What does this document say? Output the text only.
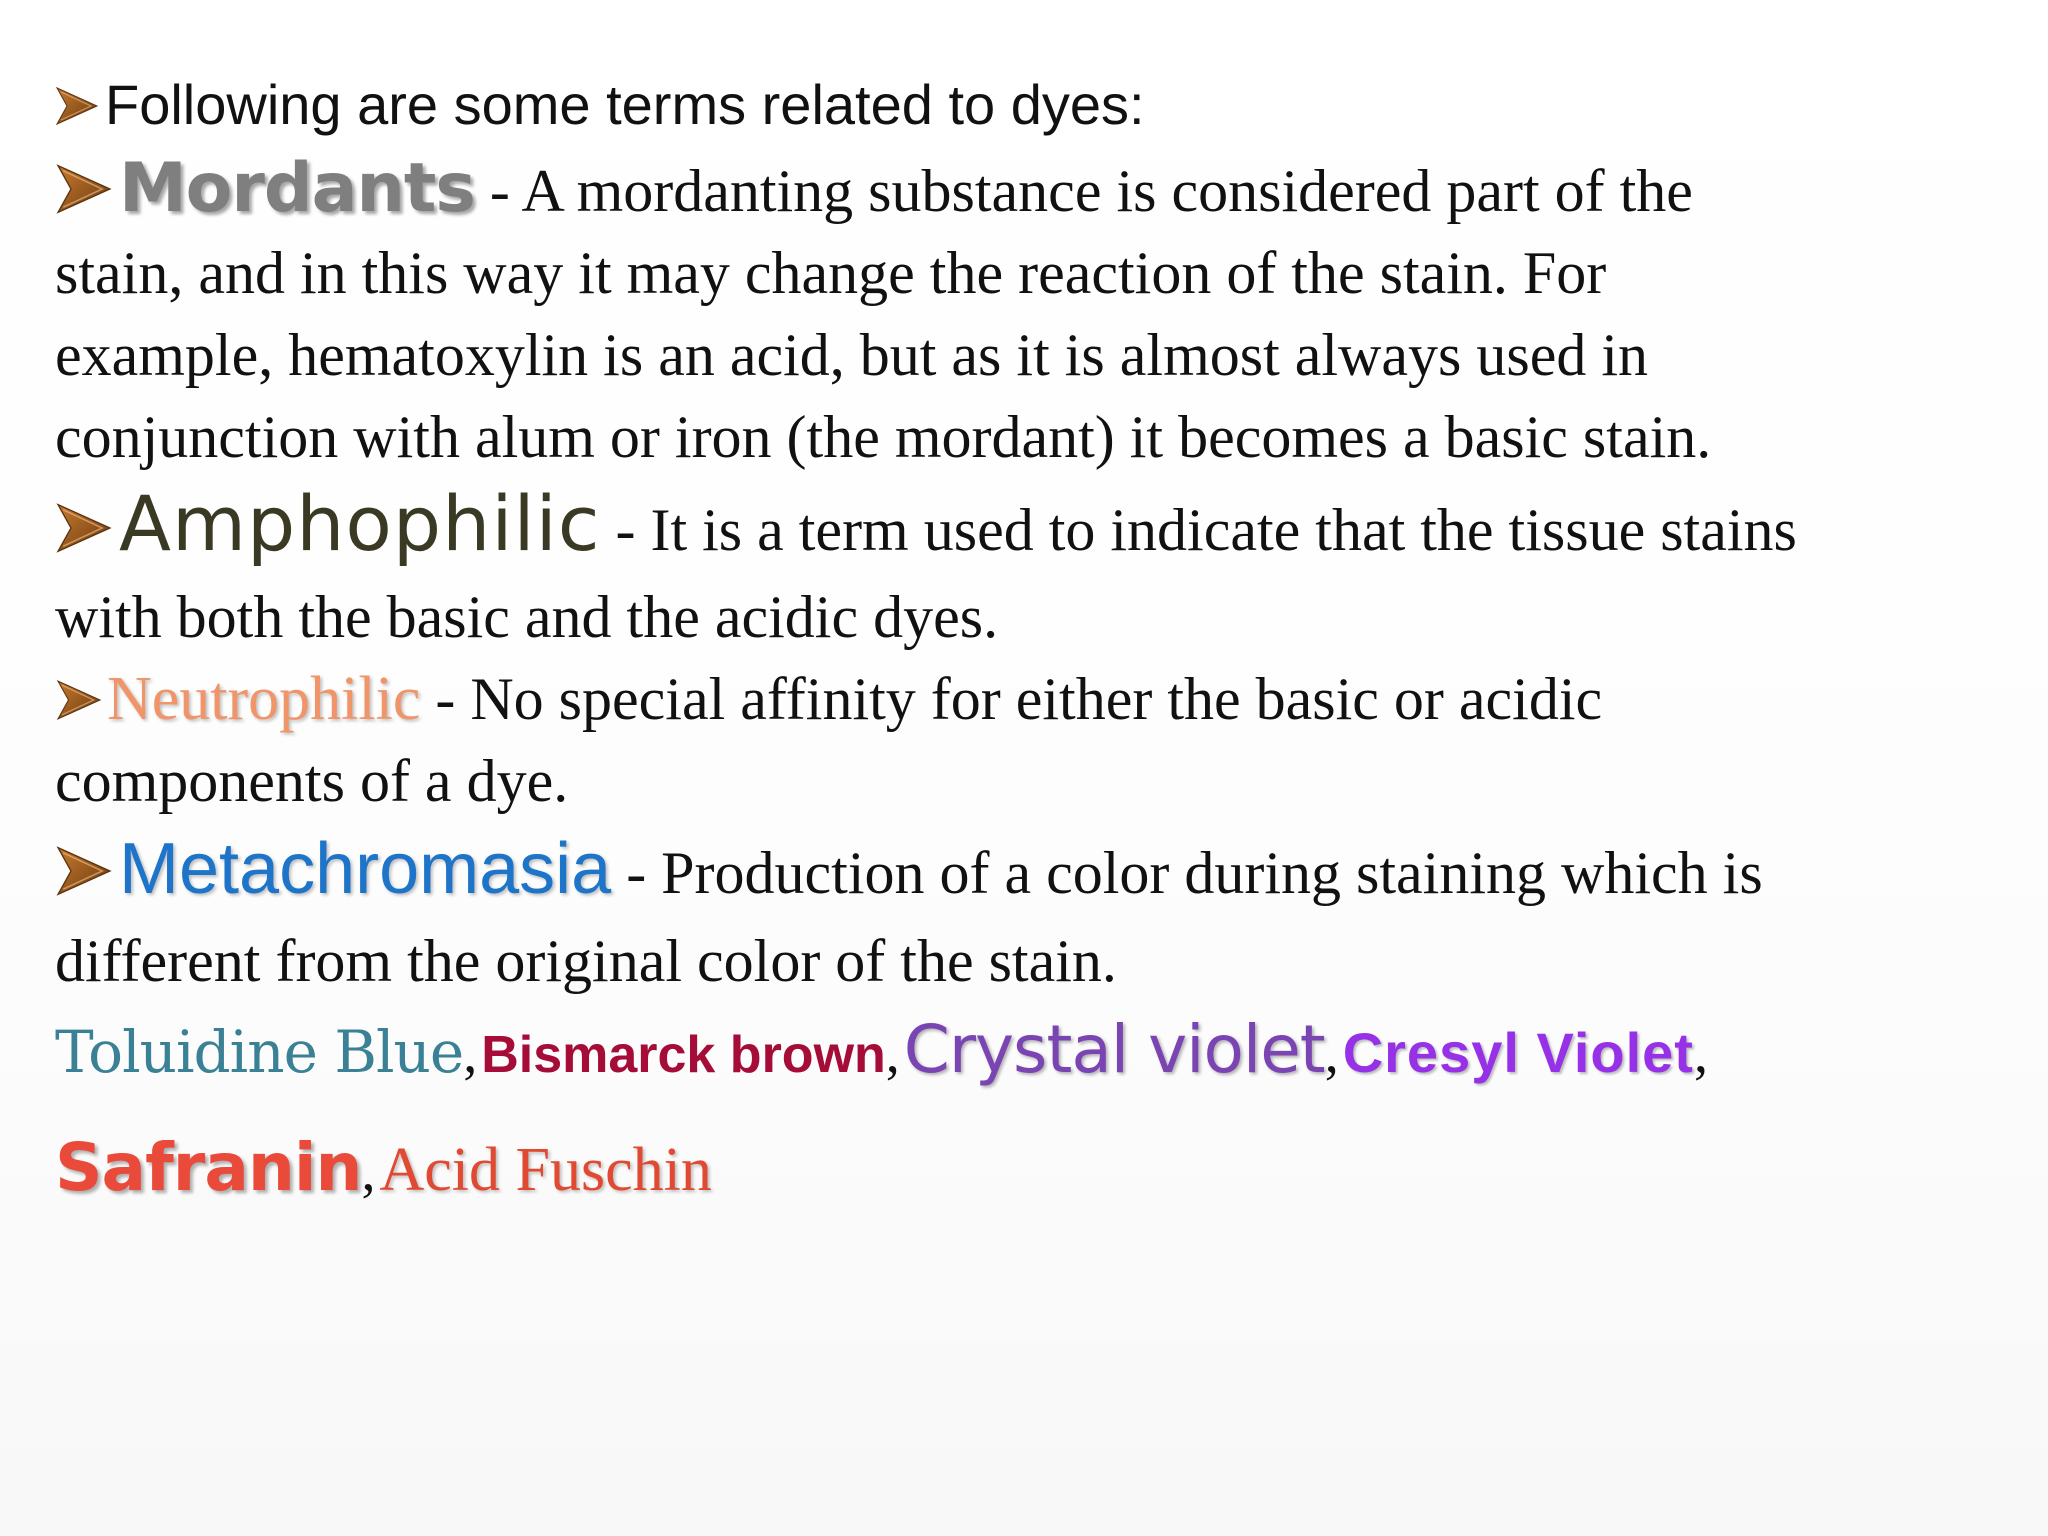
Following are some terms related to dyes:
Mordants - A mordanting substance is considered part of the
stain, and in this way it may change the reaction of the stain. For
example, hematoxylin is an acid, but as it is almost always used in
conjunction with alum or iron (the mordant) it becomes a basic stain.
Amphophilic - It is a term used to indicate that the tissue stains
with both the basic and the acidic dyes.
Neutrophilic - No special affinity for either the basic or acidic
components of a dye.
Metachromasia - Production of a color during staining which is
different from the original color of the stain.
Toluidine Blue, Bismarck brown, Crystal violet, Cresyl Violet,
Safranin, Acid Fuschin
